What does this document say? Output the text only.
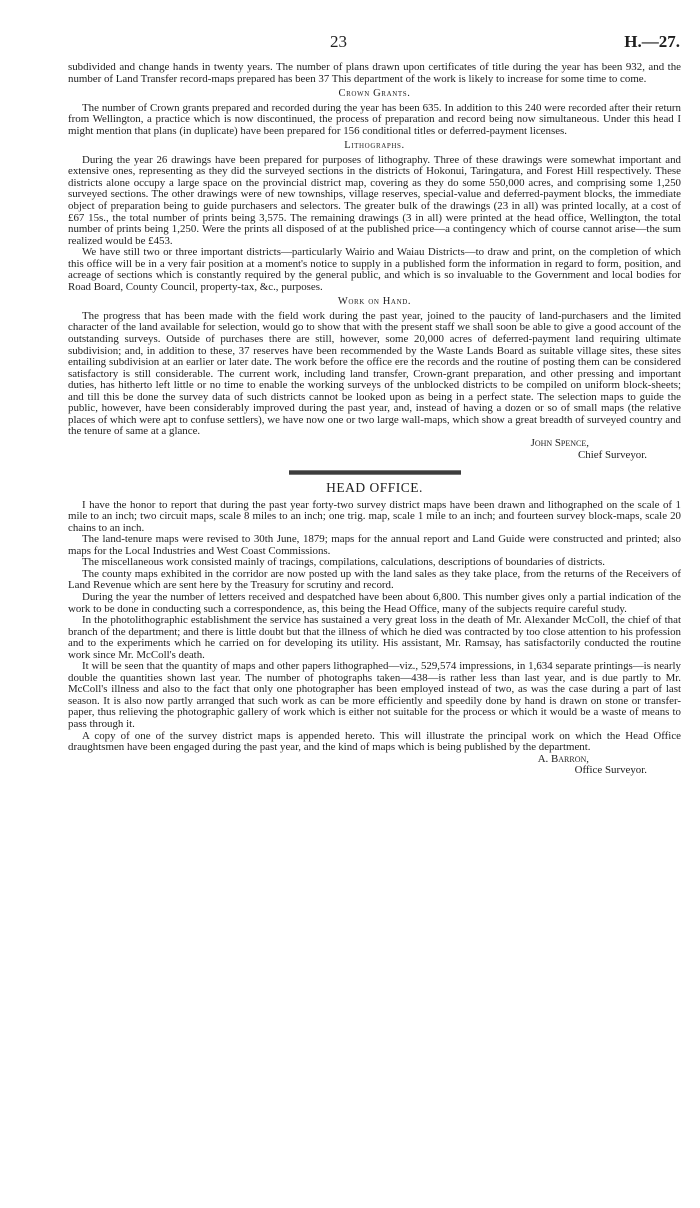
23	H.—27.

subdivided and change hands in twenty years. The number of plans drawn upon certificates of title during the year has been 932, and the number of Land Transfer record-maps prepared has been 37 This department of the work is likely to increase for some time to come.

Crown Grants.

The number of Crown grants prepared and recorded during the year has been 635. In addition to this 240 were recorded after their return from Wellington, a practice which is now discontinued, the process of preparation and record being now simultaneous. Under this head I might mention that plans (in duplicate) have been prepared for 156 conditional titles or deferred-payment licenses.

Lithographs.

During the year 26 drawings have been prepared for purposes of lithography. Three of these drawings were somewhat important and extensive ones, representing as they did the surveyed sections in the districts of Hokonui, Taringatura, and Forest Hill respectively. These districts alone occupy a large space on the provincial district map, covering as they do some 550,000 acres, and comprising some 1,250 surveyed sections. The other drawings were of new townships, village reserves, special-value and deferred-payment blocks, the immediate object of preparation being to guide purchasers and selectors. The greater bulk of the drawings (23 in all) was printed locally, at a cost of £67 15s., the total number of prints being 3,575. The remaining drawings (3 in all) were printed at the head office, Wellington, the total number of prints being 1,250. Were the prints all disposed of at the published price—a contingency which of course cannot arise—the sum realized would be £453.

We have still two or three important districts—particularly Wairio and Waiau Districts—to draw and print, on the completion of which this office will be in a very fair position at a moment's notice to supply in a published form the information in regard to form, position, and acreage of sections which is constantly required by the general public, and which is so invaluable to the Government and local bodies for Road Board, County Council, property-tax, &c., purposes.

Work on Hand.

The progress that has been made with the field work during the past year, joined to the paucity of land-purchasers and the limited character of the land available for selection, would go to show that with the present staff we shall soon be able to give a good account of the outstanding surveys. Outside of purchases there are still, however, some 20,000 acres of deferred-payment land requiring ultimate subdivision; and, in addition to these, 37 reserves have been recommended by the Waste Lands Board as suitable village sites, these sites entailing subdivision at an earlier or later date. The work before the office ere the records and the routine of posting them can be considered satisfactory is still considerable. The current work, including land transfer, Crown-grant preparation, and other pressing and important duties, has hitherto left little or no time to enable the working surveys of the unblocked districts to be compiled on uniform block-sheets; and till this be done the survey data of such districts cannot be looked upon as being in a perfect state. The selection maps to guide the public, however, have been considerably improved during the past year, and, instead of having a dozen or so of small maps (the relative places of which were apt to confuse settlers), we have now one or two large wall-maps, which show a great breadth of surveyed country and the tenure of same at a glance.

John Spence,
Chief Surveyor.
HEAD OFFICE.

I have the honor to report that during the past year forty-two survey district maps have been drawn and lithographed on the scale of 1 mile to an inch; two circuit maps, scale 8 miles to an inch; one trig. map, scale 1 mile to an inch; and fourteen survey block-maps, scale 20 chains to an inch.

The land-tenure maps were revised to 30th June, 1879; maps for the annual report and Land Guide were constructed and printed; also maps for the Local Industries and West Coast Commissions.

The miscellaneous work consisted mainly of tracings, compilations, calculations, descriptions of boundaries of districts.

The county maps exhibited in the corridor are now posted up with the land sales as they take place, from the returns of the Receivers of Land Revenue which are sent here by the Treasury for scrutiny and record.

During the year the number of letters received and despatched have been about 6,800. This number gives only a partial indication of the work to be done in conducting such a correspondence, as, this being the Head Office, many of the subjects require careful study.

In the photolithographic establishment the service has sustained a very great loss in the death of Mr. Alexander McColl, the chief of that branch of the department; and there is little doubt but that the illness of which he died was contracted by too close attention to his profession and to the experiments which he carried on for developing its utility. His assistant, Mr. Ramsay, has satisfactorily conducted the routine work since Mr. McColl's death.

It will be seen that the quantity of maps and other papers lithographed—viz., 529,574 impressions, in 1,634 separate printings—is nearly double the quantities shown last year. The number of photographs taken—438—is rather less than last year, and is due partly to Mr. McColl's illness and also to the fact that only one photographer has been employed instead of two, as was the case during a part of last season. It is also now partly arranged that such work as can be more efficiently and speedily done by hand is drawn on stone or transfer-paper, thus relieving the photographic gallery of work which is either not suitable for the process or which it would be a waste of means to pass through it.

A copy of one of the survey district maps is appended hereto. This will illustrate the principal work on which the Head Office draughtsmen have been engaged during the past year, and the kind of maps which is being published by the department.

A. Barron,
Office Surveyor.
